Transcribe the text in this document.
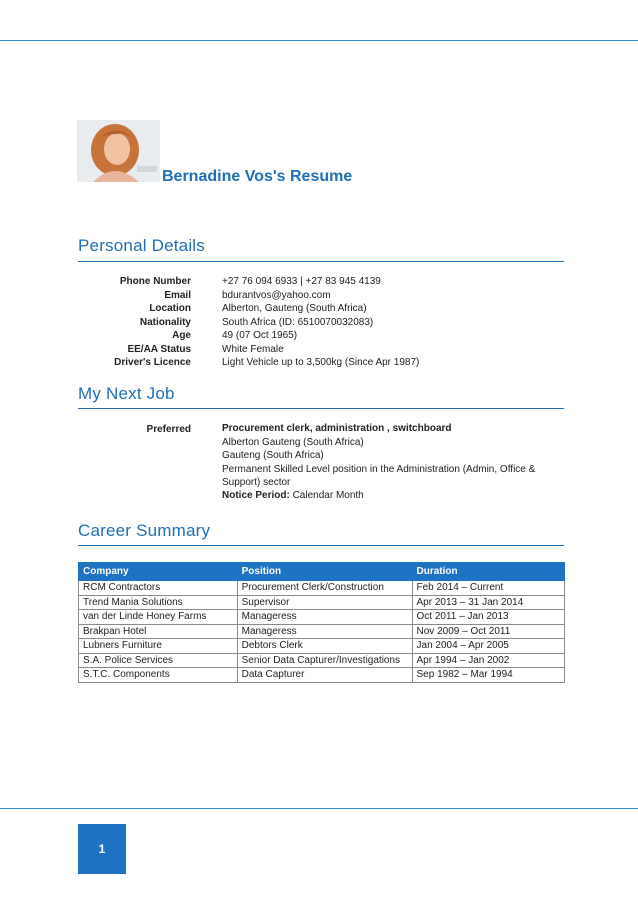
Bernadine Vos's Resume
Personal Details
Phone Number	+27 76 094 6933 | +27 83 945 4139
Email	bdurantvos@yahoo.com
Location	Alberton, Gauteng (South Africa)
Nationality	South Africa (ID: 6510070032083)
Age	49 (07 Oct 1965)
EE/AA Status	White Female
Driver's Licence	Light Vehicle up to 3,500kg (Since Apr 1987)
My Next Job
Preferred	Procurement clerk, administration , switchboard
Alberton Gauteng (South Africa)
Gauteng (South Africa)
Permanent Skilled Level position in the Administration (Admin, Office & Support) sector
Notice Period: Calendar Month
Career Summary
Company	Position	Duration
RCM Contractors	Procurement Clerk/Construction	Feb 2014 – Current
Trend Mania Solutions	Supervisor	Apr 2013 – 31 Jan 2014
van der Linde Honey Farms	Manageress	Oct 2011 – Jan 2013
Brakpan Hotel	Manageress	Nov 2009 – Oct 2011
Lubners Furniture	Debtors Clerk	Jan 2004 – Apr 2005
S.A. Police Services	Senior Data Capturer/Investigations	Apr 1994 – Jan 2002
S.T.C. Components	Data Capturer	Sep 1982 – Mar 1994
1
